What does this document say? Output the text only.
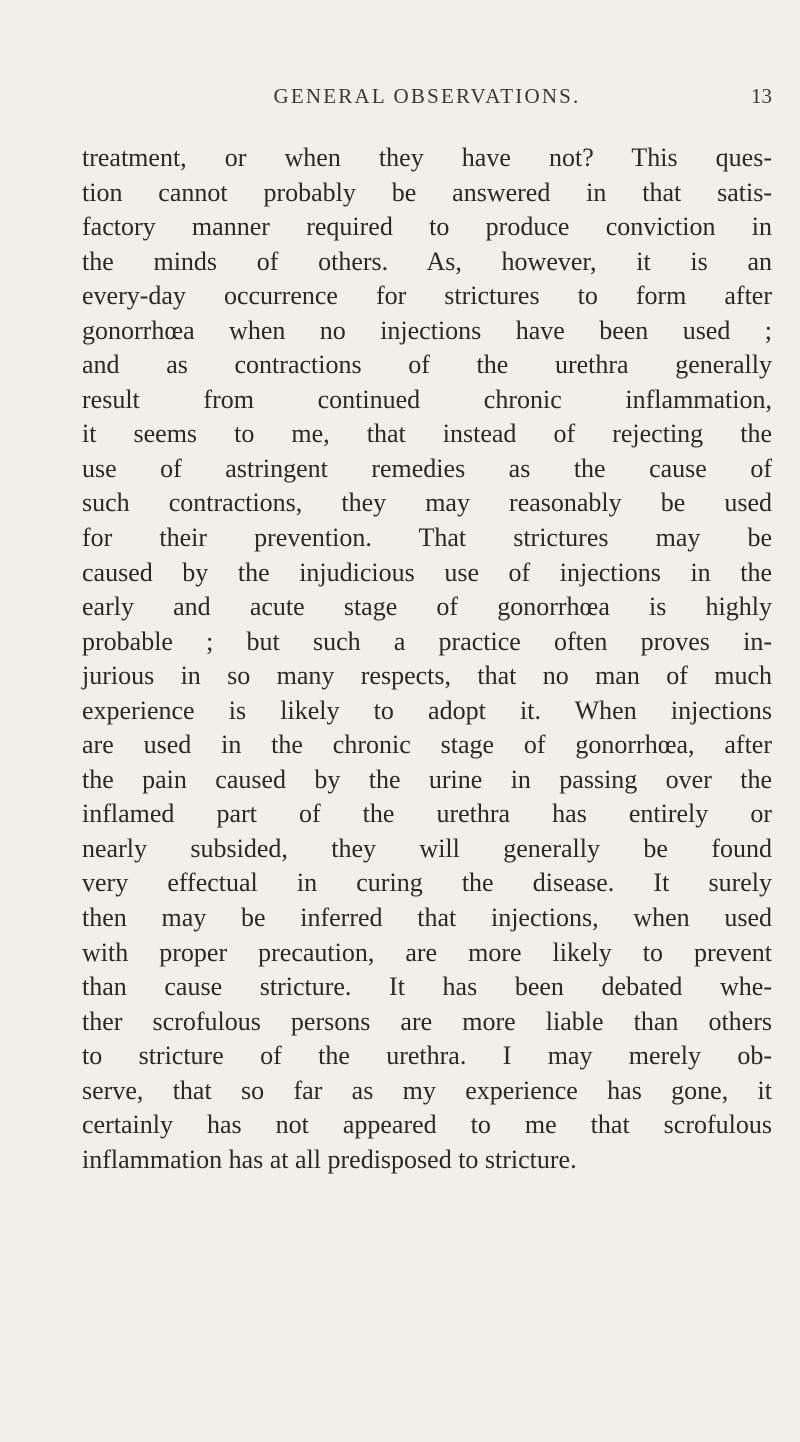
GENERAL OBSERVATIONS.	13
treatment, or when they have not? This ques-
tion cannot probably be answered in that satis-
factory manner required to produce conviction in
the minds of others. As, however, it is an
every-day occurrence for strictures to form after
gonorrhœa when no injections have been used ;
and as contractions of the urethra generally
result from continued chronic inflammation,
it seems to me, that instead of rejecting the
use of astringent remedies as the cause of
such contractions, they may reasonably be used
for their prevention. That strictures may be
caused by the injudicious use of injections in the
early and acute stage of gonorrhœa is highly
probable ; but such a practice often proves in-
jurious in so many respects, that no man of much
experience is likely to adopt it. When injections
are used in the chronic stage of gonorrhœa, after
the pain caused by the urine in passing over the
inflamed part of the urethra has entirely or
nearly subsided, they will generally be found
very effectual in curing the disease. It surely
then may be inferred that injections, when used
with proper precaution, are more likely to prevent
than cause stricture. It has been debated whe-
ther scrofulous persons are more liable than others
to stricture of the urethra. I may merely ob-
serve, that so far as my experience has gone, it
certainly has not appeared to me that scrofulous
inflammation has at all predisposed to stricture.
